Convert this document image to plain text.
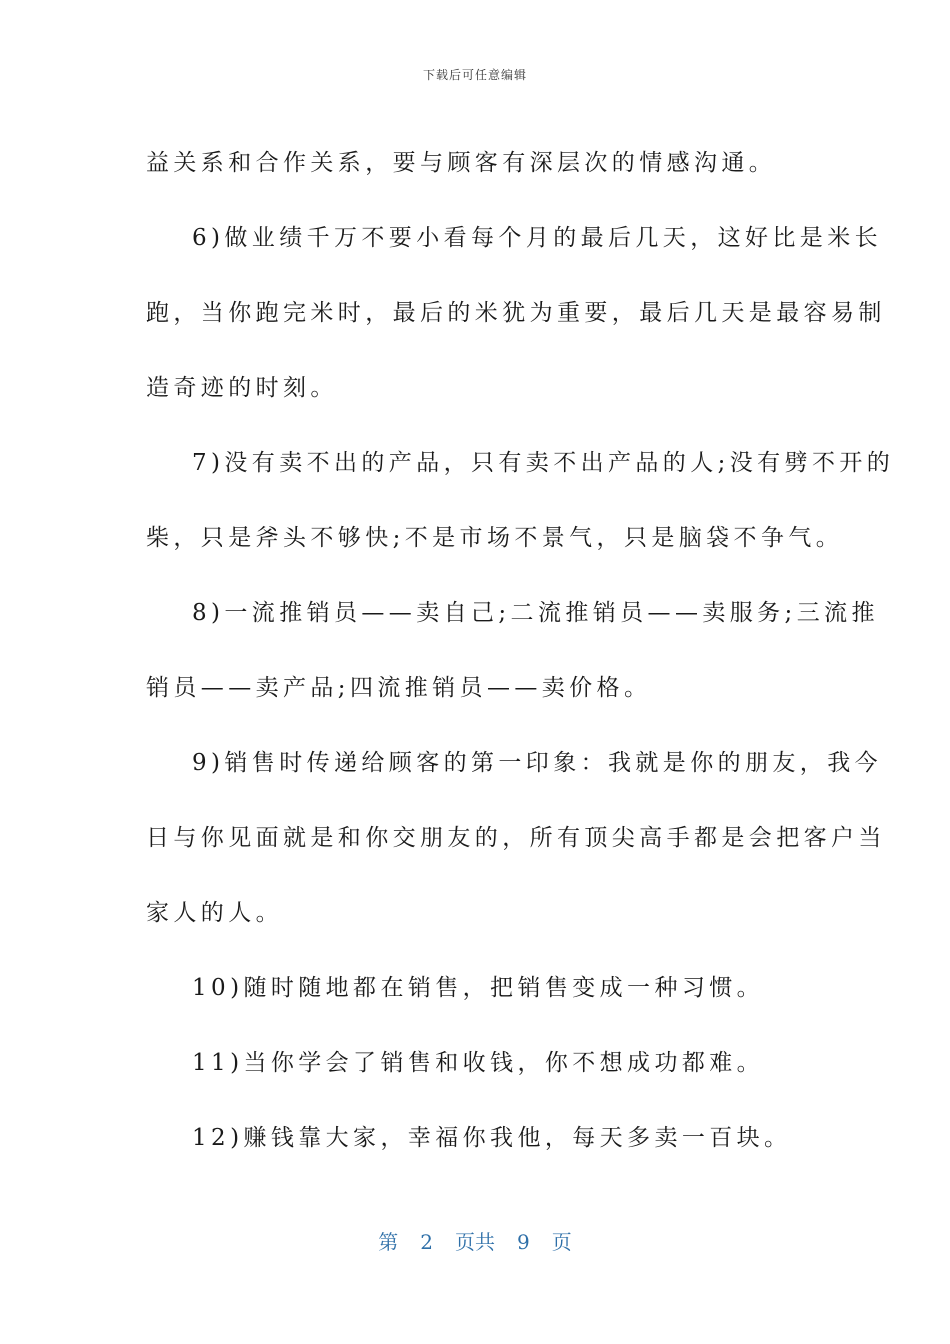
下载后可任意编辑
益关系和合作关系，要与顾客有深层次的情感沟通。
6)做业绩千万不要小看每个月的最后几天，这好比是米长
跑，当你跑完米时，最后的米犹为重要，最后几天是最容易制
造奇迹的时刻。
7)没有卖不出的产品，只有卖不出产品的人;没有劈不开的
柴，只是斧头不够快;不是市场不景气，只是脑袋不争气。
8)一流推销员——卖自己;二流推销员——卖服务;三流推
销员——卖产品;四流推销员——卖价格。
9)销售时传递给顾客的第一印象：我就是你的朋友，我今
日与你见面就是和你交朋友的，所有顶尖高手都是会把客户当
家人的人。
10)随时随地都在销售，把销售变成一种习惯。
11)当你学会了销售和收钱，你不想成功都难。
12)赚钱靠大家，幸福你我他，每天多卖一百块。
第 2 页共 9 页
